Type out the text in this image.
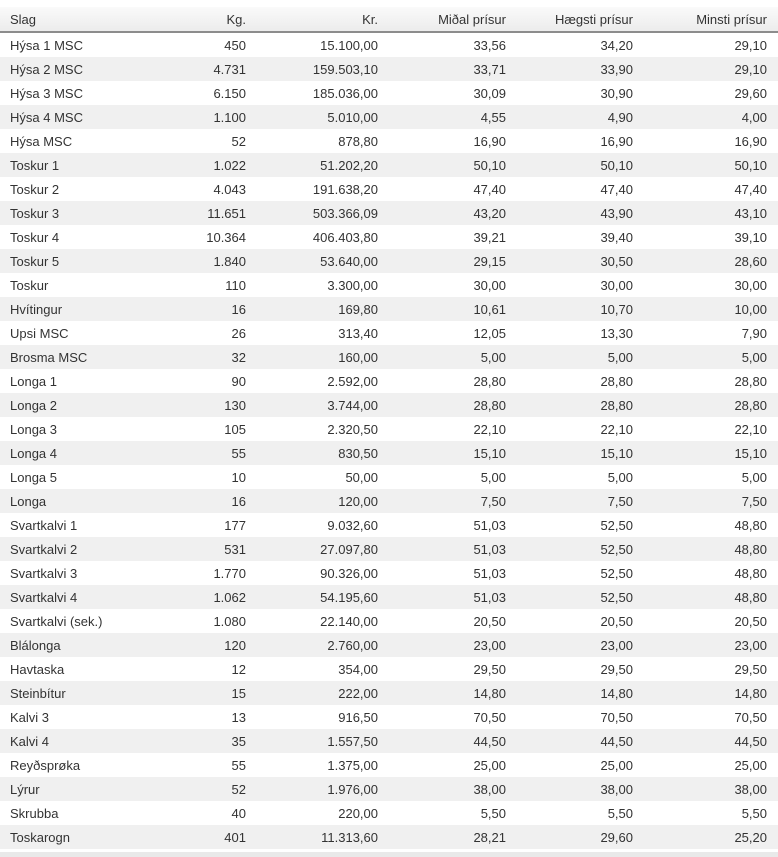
Slag	Kg.	Kr.	Miðal prísur	Hægsti prísur	Minsti prísur
Hýsa 1 MSC	450	15.100,00	33,56	34,20	29,10
Hýsa 2 MSC	4.731	159.503,10	33,71	33,90	29,10
Hýsa 3 MSC	6.150	185.036,00	30,09	30,90	29,60
Hýsa 4 MSC	1.100	5.010,00	4,55	4,90	4,00
Hýsa MSC	52	878,80	16,90	16,90	16,90
Toskur 1	1.022	51.202,20	50,10	50,10	50,10
Toskur 2	4.043	191.638,20	47,40	47,40	47,40
Toskur 3	11.651	503.366,09	43,20	43,90	43,10
Toskur 4	10.364	406.403,80	39,21	39,40	39,10
Toskur 5	1.840	53.640,00	29,15	30,50	28,60
Toskur	110	3.300,00	30,00	30,00	30,00
Hvítingur	16	169,80	10,61	10,70	10,00
Upsi MSC	26	313,40	12,05	13,30	7,90
Brosma MSC	32	160,00	5,00	5,00	5,00
Longa 1	90	2.592,00	28,80	28,80	28,80
Longa 2	130	3.744,00	28,80	28,80	28,80
Longa 3	105	2.320,50	22,10	22,10	22,10
Longa 4	55	830,50	15,10	15,10	15,10
Longa 5	10	50,00	5,00	5,00	5,00
Longa	16	120,00	7,50	7,50	7,50
Svartkalvi 1	177	9.032,60	51,03	52,50	48,80
Svartkalvi 2	531	27.097,80	51,03	52,50	48,80
Svartkalvi 3	1.770	90.326,00	51,03	52,50	48,80
Svartkalvi 4	1.062	54.195,60	51,03	52,50	48,80
Svartkalvi (sek.)	1.080	22.140,00	20,50	20,50	20,50
Blálonga	120	2.760,00	23,00	23,00	23,00
Havtaska	12	354,00	29,50	29,50	29,50
Steinbítur	15	222,00	14,80	14,80	14,80
Kalvi 3	13	916,50	70,50	70,50	70,50
Kalvi 4	35	1.557,50	44,50	44,50	44,50
Reyðsprøka	55	1.375,00	25,00	25,00	25,00
Lýrur	52	1.976,00	38,00	38,00	38,00
Skrubba	40	220,00	5,50	5,50	5,50
Toskarogn	401	11.313,60	28,21	29,60	25,20
